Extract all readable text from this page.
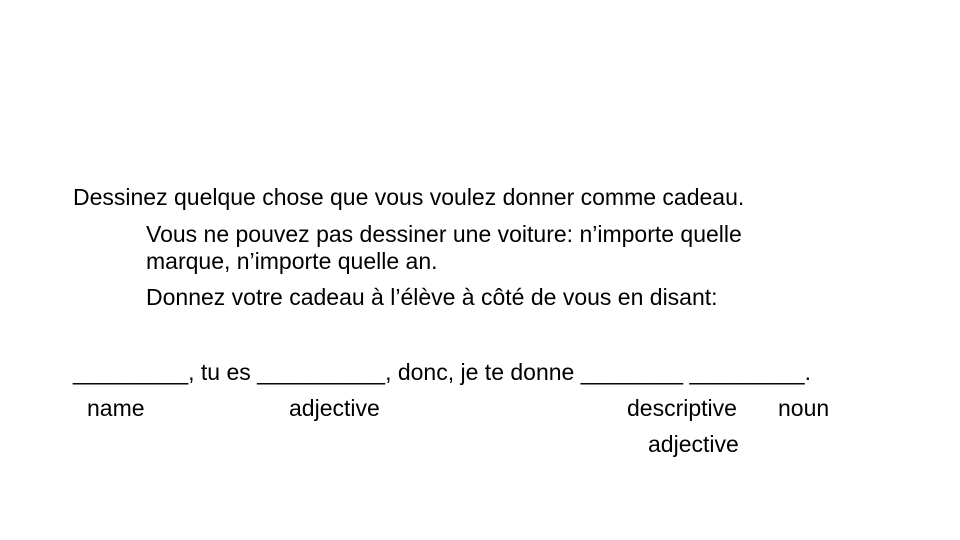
Dessinez quelque chose que vous voulez donner comme cadeau.
Vous ne pouvez pas dessiner une voiture: n’importe quelle
marque, n’importe quelle an.
Donnez votre cadeau à l’élève à côté de vous en disant:
_________, tu es __________, donc, je te donne ________ _________.
name	adjective	descriptive noun
adjective
